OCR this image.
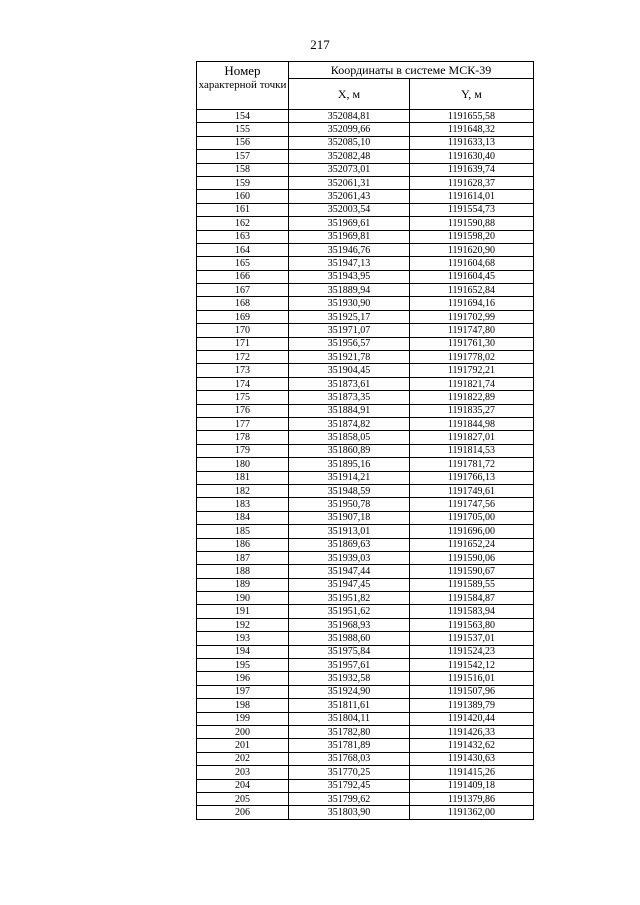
217
Номер
характерной точки	Координаты в системе МСК-39	
	X, м	Y, м
154	352084,81	1191655,58
155	352099,66	1191648,32
156	352085,10	1191633,13
157	352082,48	1191630,40
158	352073,01	1191639,74
159	352061,31	1191628,37
160	352061,43	1191614,01
161	352003,54	1191554,73
162	351969,61	1191590,88
163	351969,81	1191598,20
164	351946,76	1191620,90
165	351947,13	1191604,68
166	351943,95	1191604,45
167	351889,94	1191652,84
168	351930,90	1191694,16
169	351925,17	1191702,99
170	351971,07	1191747,80
171	351956,57	1191761,30
172	351921,78	1191778,02
173	351904,45	1191792,21
174	351873,61	1191821,74
175	351873,35	1191822,89
176	351884,91	1191835,27
177	351874,82	1191844,98
178	351858,05	1191827,01
179	351860,89	1191814,53
180	351895,16	1191781,72
181	351914,21	1191766,13
182	351948,59	1191749,61
183	351950,78	1191747,56
184	351907,18	1191705,00
185	351913,01	1191696,00
186	351869,63	1191652,24
187	351939,03	1191590,06
188	351947,44	1191590,67
189	351947,45	1191589,55
190	351951,82	1191584,87
191	351951,62	1191583,94
192	351968,93	1191563,80
193	351988,60	1191537,01
194	351975,84	1191524,23
195	351957,61	1191542,12
196	351932,58	1191516,01
197	351924,90	1191507,96
198	351811,61	1191389,79
199	351804,11	1191420,44
200	351782,80	1191426,33
201	351781,89	1191432,62
202	351768,03	1191430,63
203	351770,25	1191415,26
204	351792,45	1191409,18
205	351799,62	1191379,86
206	351803,90	1191362,00
